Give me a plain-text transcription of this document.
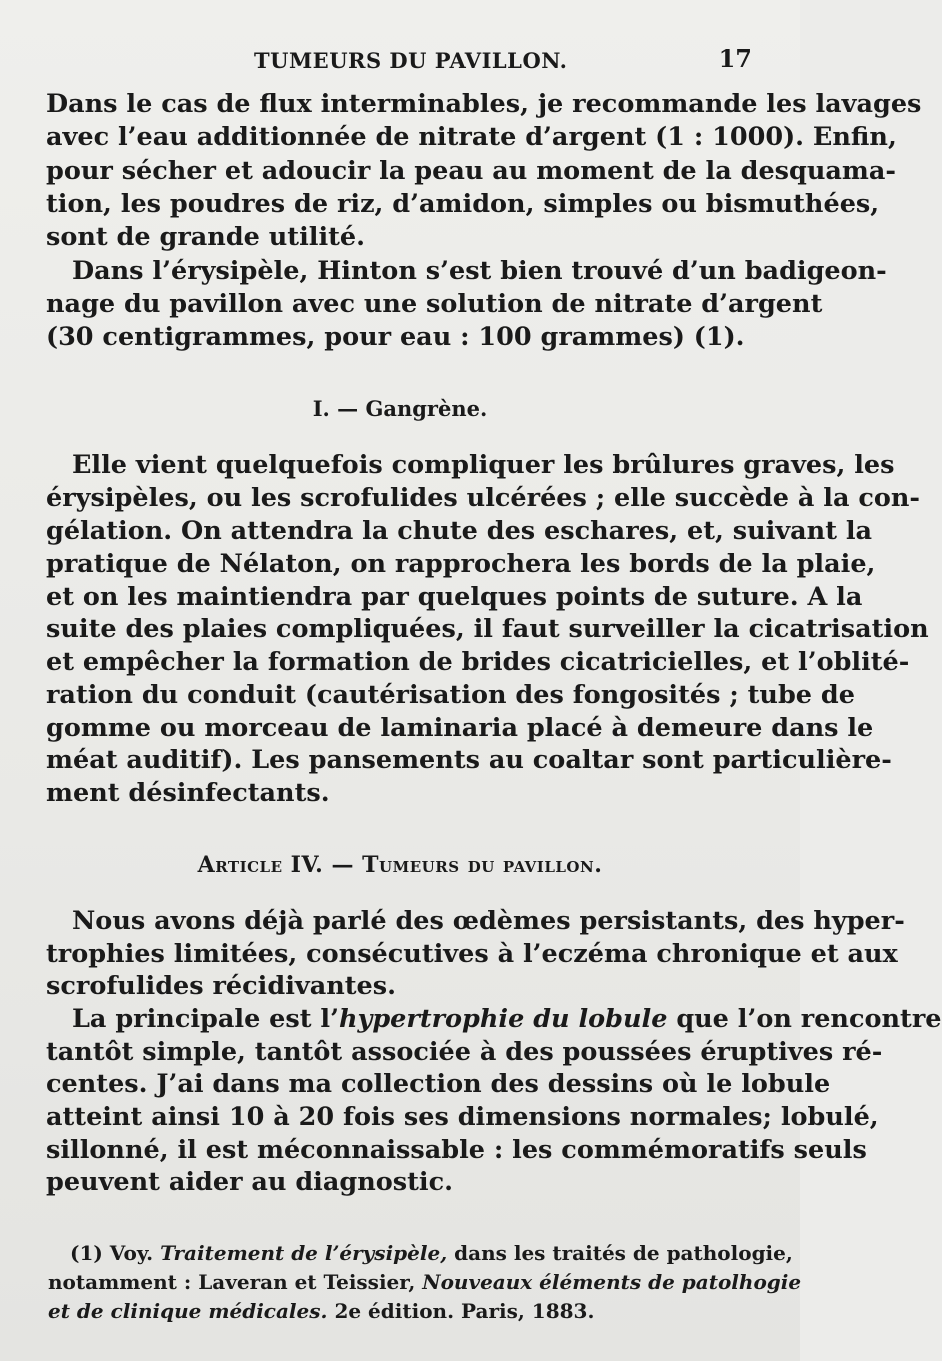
TUMEURS DU PAVILLON.	17
Dans le cas de flux interminables, je recommande les lavages
avec l’eau additionnée de nitrate d’argent (1 : 1000). Enfin,
pour sécher et adoucir la peau au moment de la desquama-
tion, les poudres de riz, d’amidon, simples ou bismuthées,
sont de grande utilité.
Dans l’érysipèle, Hinton s’est bien trouvé d’un badigeon-
nage du pavillon avec une solution de nitrate d’argent
(30 centigrammes, pour eau : 100 grammes) (1).
I. — Gangrène.
Elle vient quelquefois compliquer les brûlures graves, les
érysipèles, ou les scrofulides ulcérées ; elle succède à la con-
gélation. On attendra la chute des eschares, et, suivant la
pratique de Nélaton, on rapprochera les bords de la plaie,
et on les maintiendra par quelques points de suture. A la
suite des plaies compliquées, il faut surveiller la cicatrisation
et empêcher la formation de brides cicatricielles, et l’oblité-
ration du conduit (cautérisation des fongosités ; tube de
gomme ou morceau de laminaria placé à demeure dans le
méat auditif). Les pansements au coaltar sont particulière-
ment désinfectants.
Article IV. — Tumeurs du pavillon.
Nous avons déjà parlé des œdèmes persistants, des hyper-
trophies limitées, consécutives à l’eczéma chronique et aux
scrofulides récidivantes.
La principale est l’hypertrophie du lobule que l’on rencontre
tantôt simple, tantôt associée à des poussées éruptives ré-
centes. J’ai dans ma collection des dessins où le lobule
atteint ainsi 10 à 20 fois ses dimensions normales; lobulé,
sillonné, il est méconnaissable : les commémoratifs seuls
peuvent aider au diagnostic.
(1) Voy. Traitement de l’érysipèle, dans les traités de pathologie,
notamment : Laveran et Teissier, Nouveaux éléments de patolhogie
et de clinique médicales. 2e édition. Paris, 1883.
